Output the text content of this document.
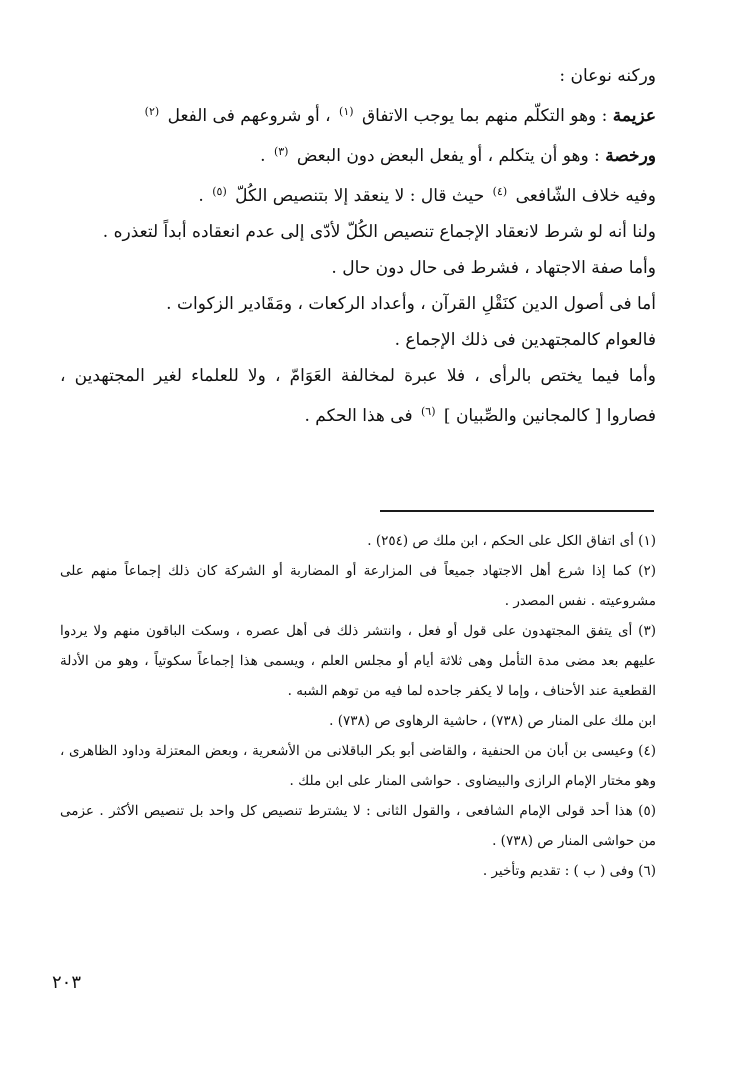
وركنه نوعان :

عزيمة : وهو التكلّم منهم بما يوجب الاتفاق $^{(١)}$ ، أو شروعهم فى الفعل $^{(٢)}$

ورخصة : وهو أن يتكلم ، أو يفعل البعض دون البعض $^{(٣)}$ .

وفيه خلاف الشّافعى $^{(٤)}$ حيث قال : لا ينعقد إلا بتنصيص الكُلّ $^{(٥)}$ .

ولنا أنه لو شرط لانعقاد الإجماع تنصيص الكُلّ لأدّى إلى عدم انعقاده أبداً لتعذره .

وأما صفة الاجتهاد ، فشرط فى حال دون حال .

أما فى أصول الدين كنَقْلِ القرآن ، وأعداد الركعات ، ومَقَادير الزكوات .

فالعوام كالمجتهدين فى ذلك الإجماع .

وأما فيما يختص بالرأى ، فلا عبرة لمخالفة العَوَامّ ، ولا للعلماء لغير المجتهدين ، فصاروا [ كالمجانين والصِّبيان ] $^{(٦)}$ فى هذا الحكم .

(١) أى اتفاق الكل على الحكم ، ابن ملك ص (٢٥٤) .

(٢) كما إذا شرع أهل الاجتهاد جميعاً فى المزارعة أو المضاربة أو الشركة كان ذلك إجماعاً منهم على مشروعيته . نفس المصدر .

(٣) أى يتفق المجتهدون على قول أو فعل ، وانتشر ذلك فى أهل عصره ، وسكت الباقون منهم ولا يردوا عليهم بعد مضى مدة التأمل وهى ثلاثة أيام أو مجلس العلم ، ويسمى هذا إجماعاً سكوتياً ، وهو من الأدلة القطعية عند الأحناف ، وإما لا يكفر جاحده لما فيه من توهم الشبه .

ابن ملك على المنار ص (٧٣٨) ، حاشية الرهاوى ص (٧٣٨) .

(٤) وعيسى بن أبان من الحنفية ، والقاضى أبو بكر الباقلانى من الأشعرية ، وبعض المعتزلة وداود الظاهرى ، وهو مختار الإمام الرازى والبيضاوى . حواشى المنار على ابن ملك .

(٥) هذا أحد قولى الإمام الشافعى ، والقول الثانى : لا يشترط تنصيص كل واحد بل تنصيص الأكثر . عزمى من حواشى المنار ص (٧٣٨) .

(٦) وفى ( ب ) : تقديم وتأخير .

٢٠٣
